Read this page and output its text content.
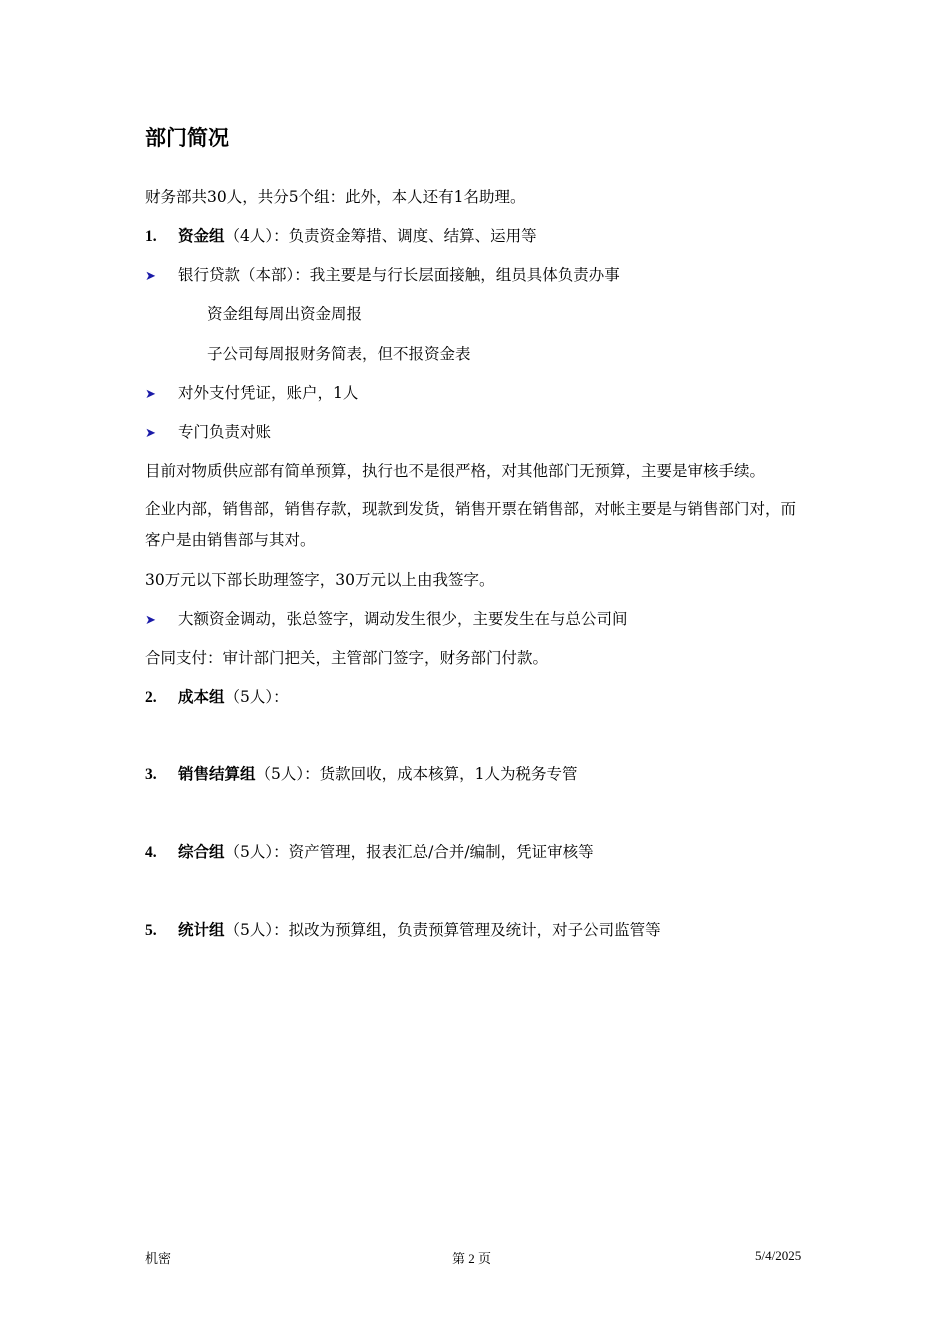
部门简况
财务部共30人，共分5个组：此外，本人还有1名助理。
1. 资金组（4人）：负责资金筹措、调度、结算、运用等
➤ 银行贷款（本部）：我主要是与行长层面接触，组员具体负责办事
资金组每周出资金周报
子公司每周报财务简表，但不报资金表
➤ 对外支付凭证，账户，1人
➤ 专门负责对账
目前对物质供应部有简单预算，执行也不是很严格，对其他部门无预算，主要是审核手续。
企业内部，销售部，销售存款，现款到发货，销售开票在销售部，对帐主要是与销售部门对，而客户是由销售部与其对。
30万元以下部长助理签字，30万元以上由我签字。
➤ 大额资金调动，张总签字，调动发生很少，主要发生在与总公司间
合同支付：审计部门把关，主管部门签字，财务部门付款。
2. 成本组（5人）：
3. 销售结算组（5人）：货款回收，成本核算，1人为税务专管
4. 综合组（5人）：资产管理，报表汇总/合并/编制，凭证审核等
5. 统计组（5人）：拟改为预算组，负责预算管理及统计，对子公司监管等
机密	第 2 页	5/4/2025
